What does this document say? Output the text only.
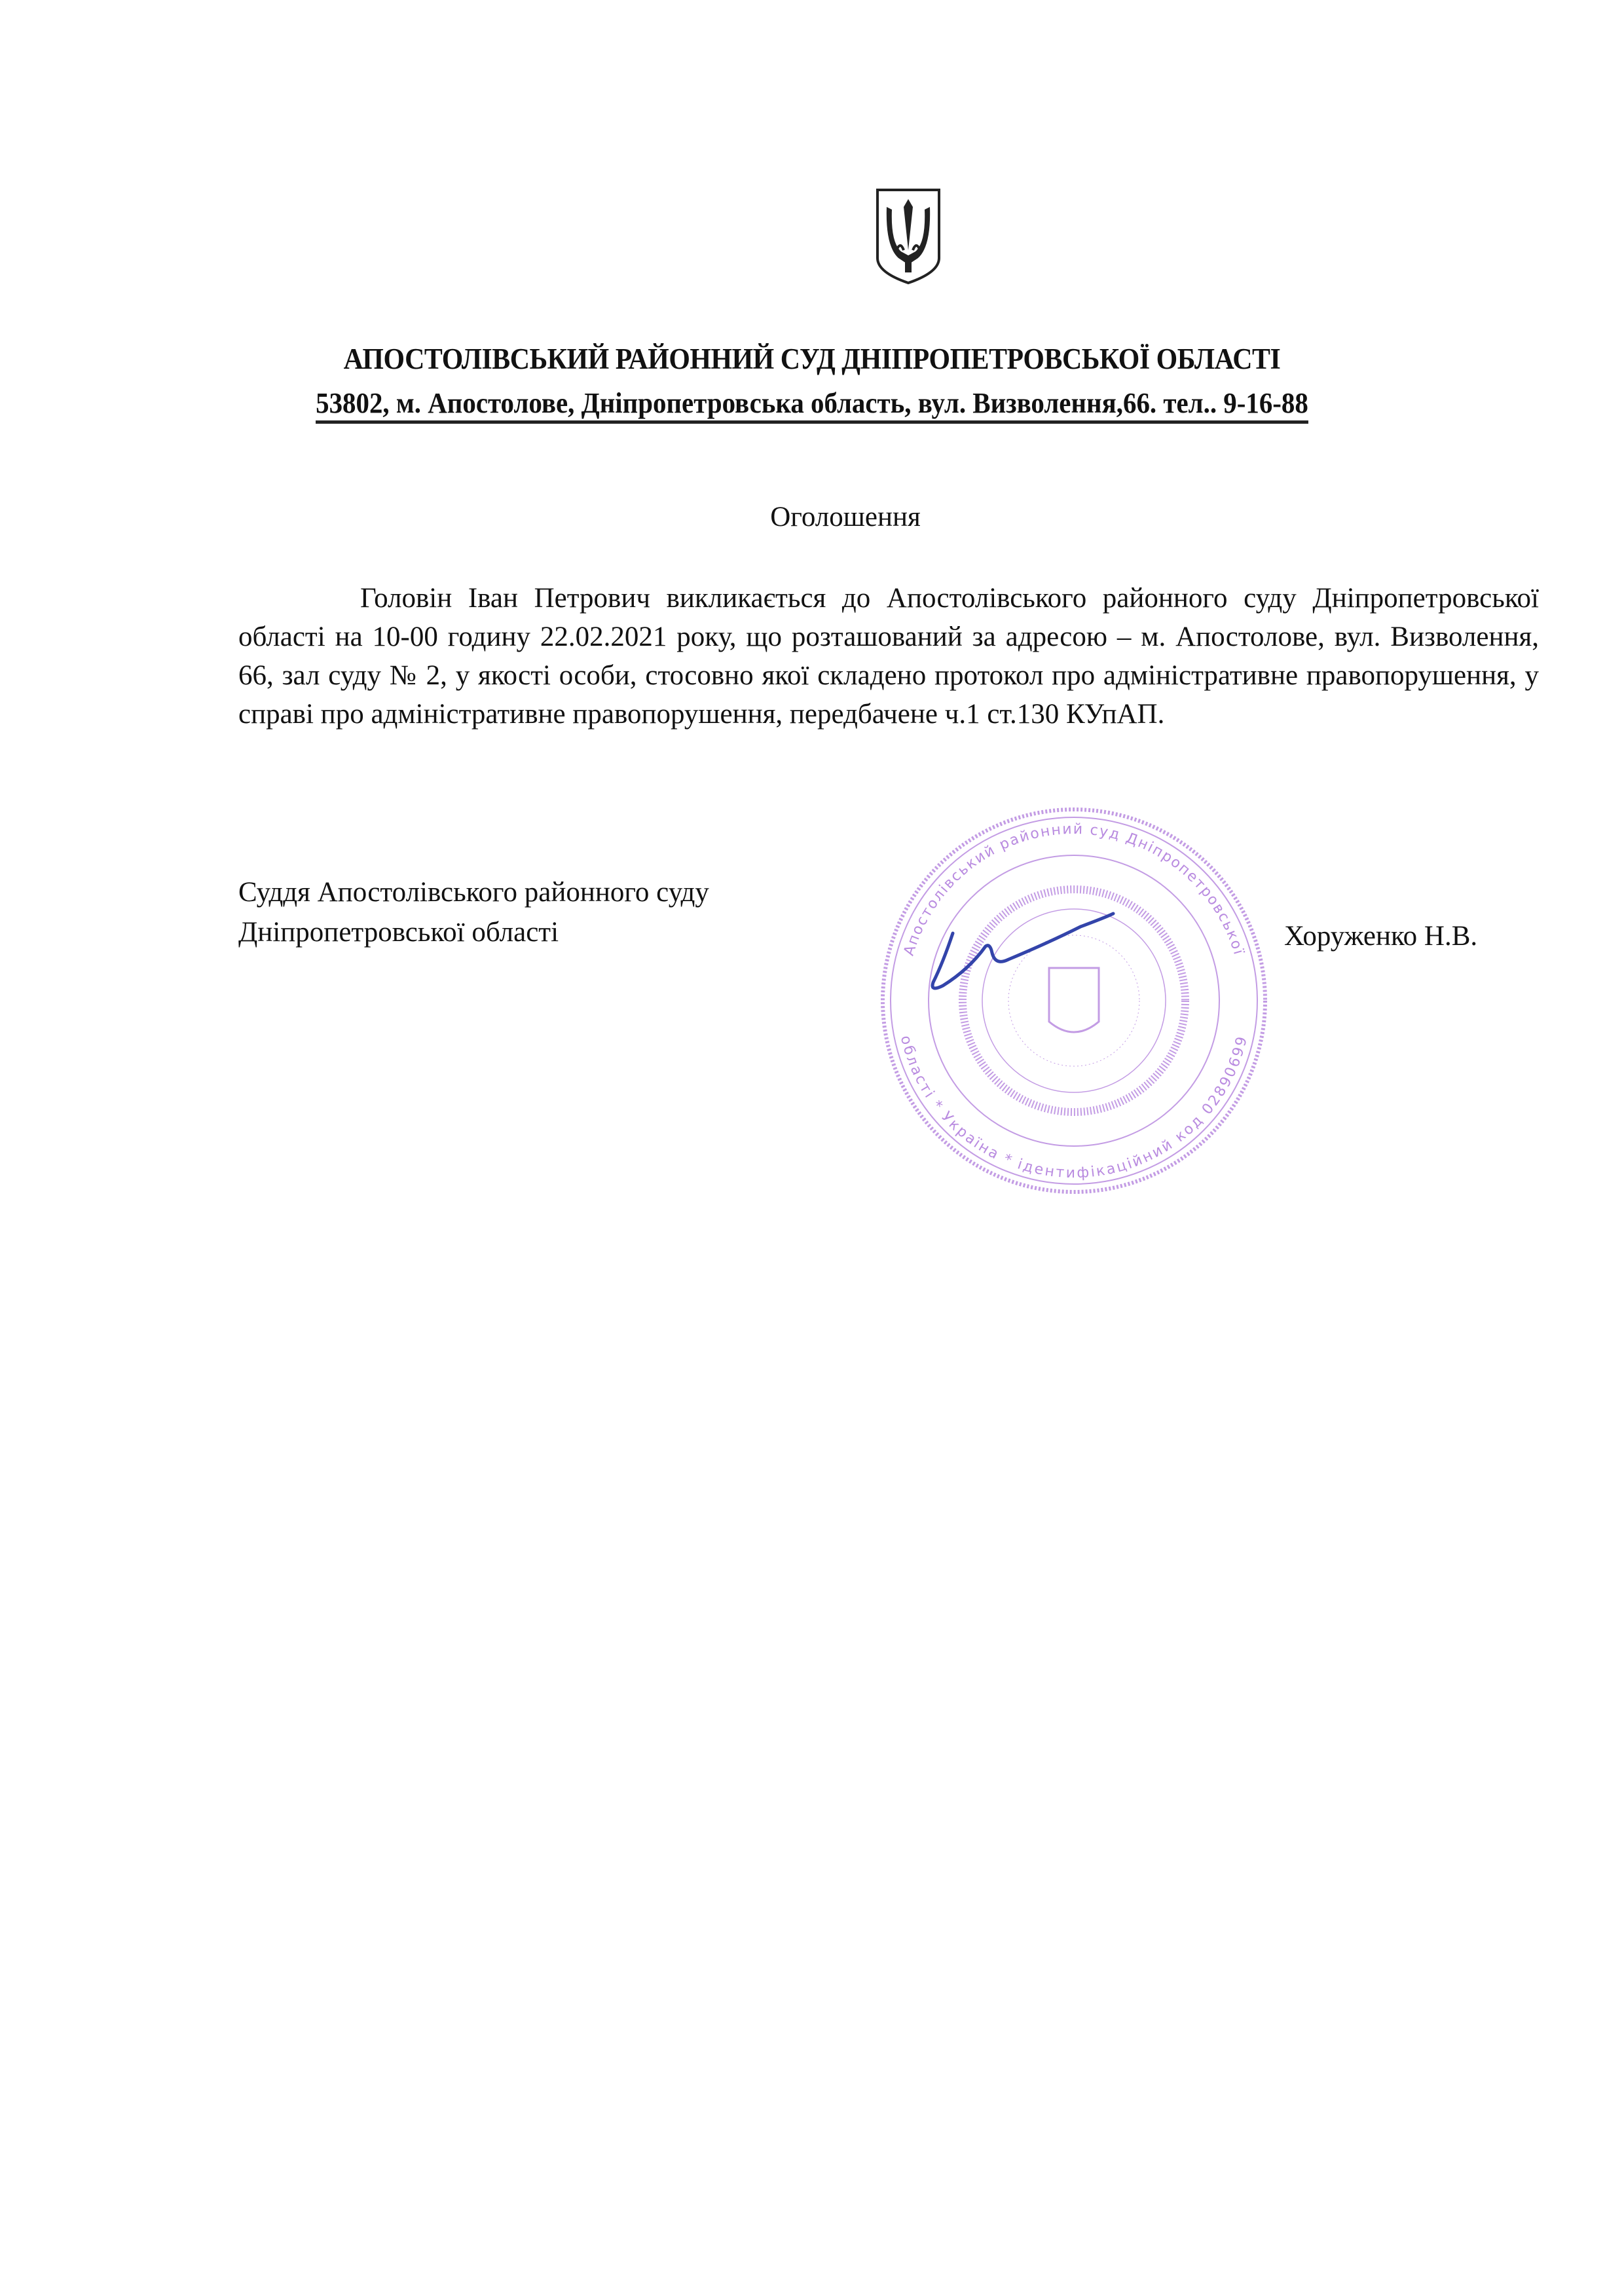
АПОСТОЛІВСЬКИЙ РАЙОННИЙ СУД ДНІПРОПЕТРОВСЬКОЇ ОБЛАСТІ
53802, м. Апостолове, Дніпропетровська область, вул. Визволення,66. тел.. 9-16-88
Оголошення
Головін Іван Петрович викликається до Апостолівського районного суду Дніпропетровської області на 10-00 годину 22.02.2021 року, що розташований за адресою – м. Апостолове, вул. Визволення, 66, зал суду № 2, у якості особи, стосовно якої складено протокол про адміністративне правопорушення, у справі про адміністративне правопорушення, передбачене ч.1 ст.130 КУпАП.
Суддя Апостолівського районного суду
Дніпропетровської області
Апостолівський районний суд Дніпропетровської
області * Україна * ідентифікаційний код 02890699
Хоруженко Н.В.
